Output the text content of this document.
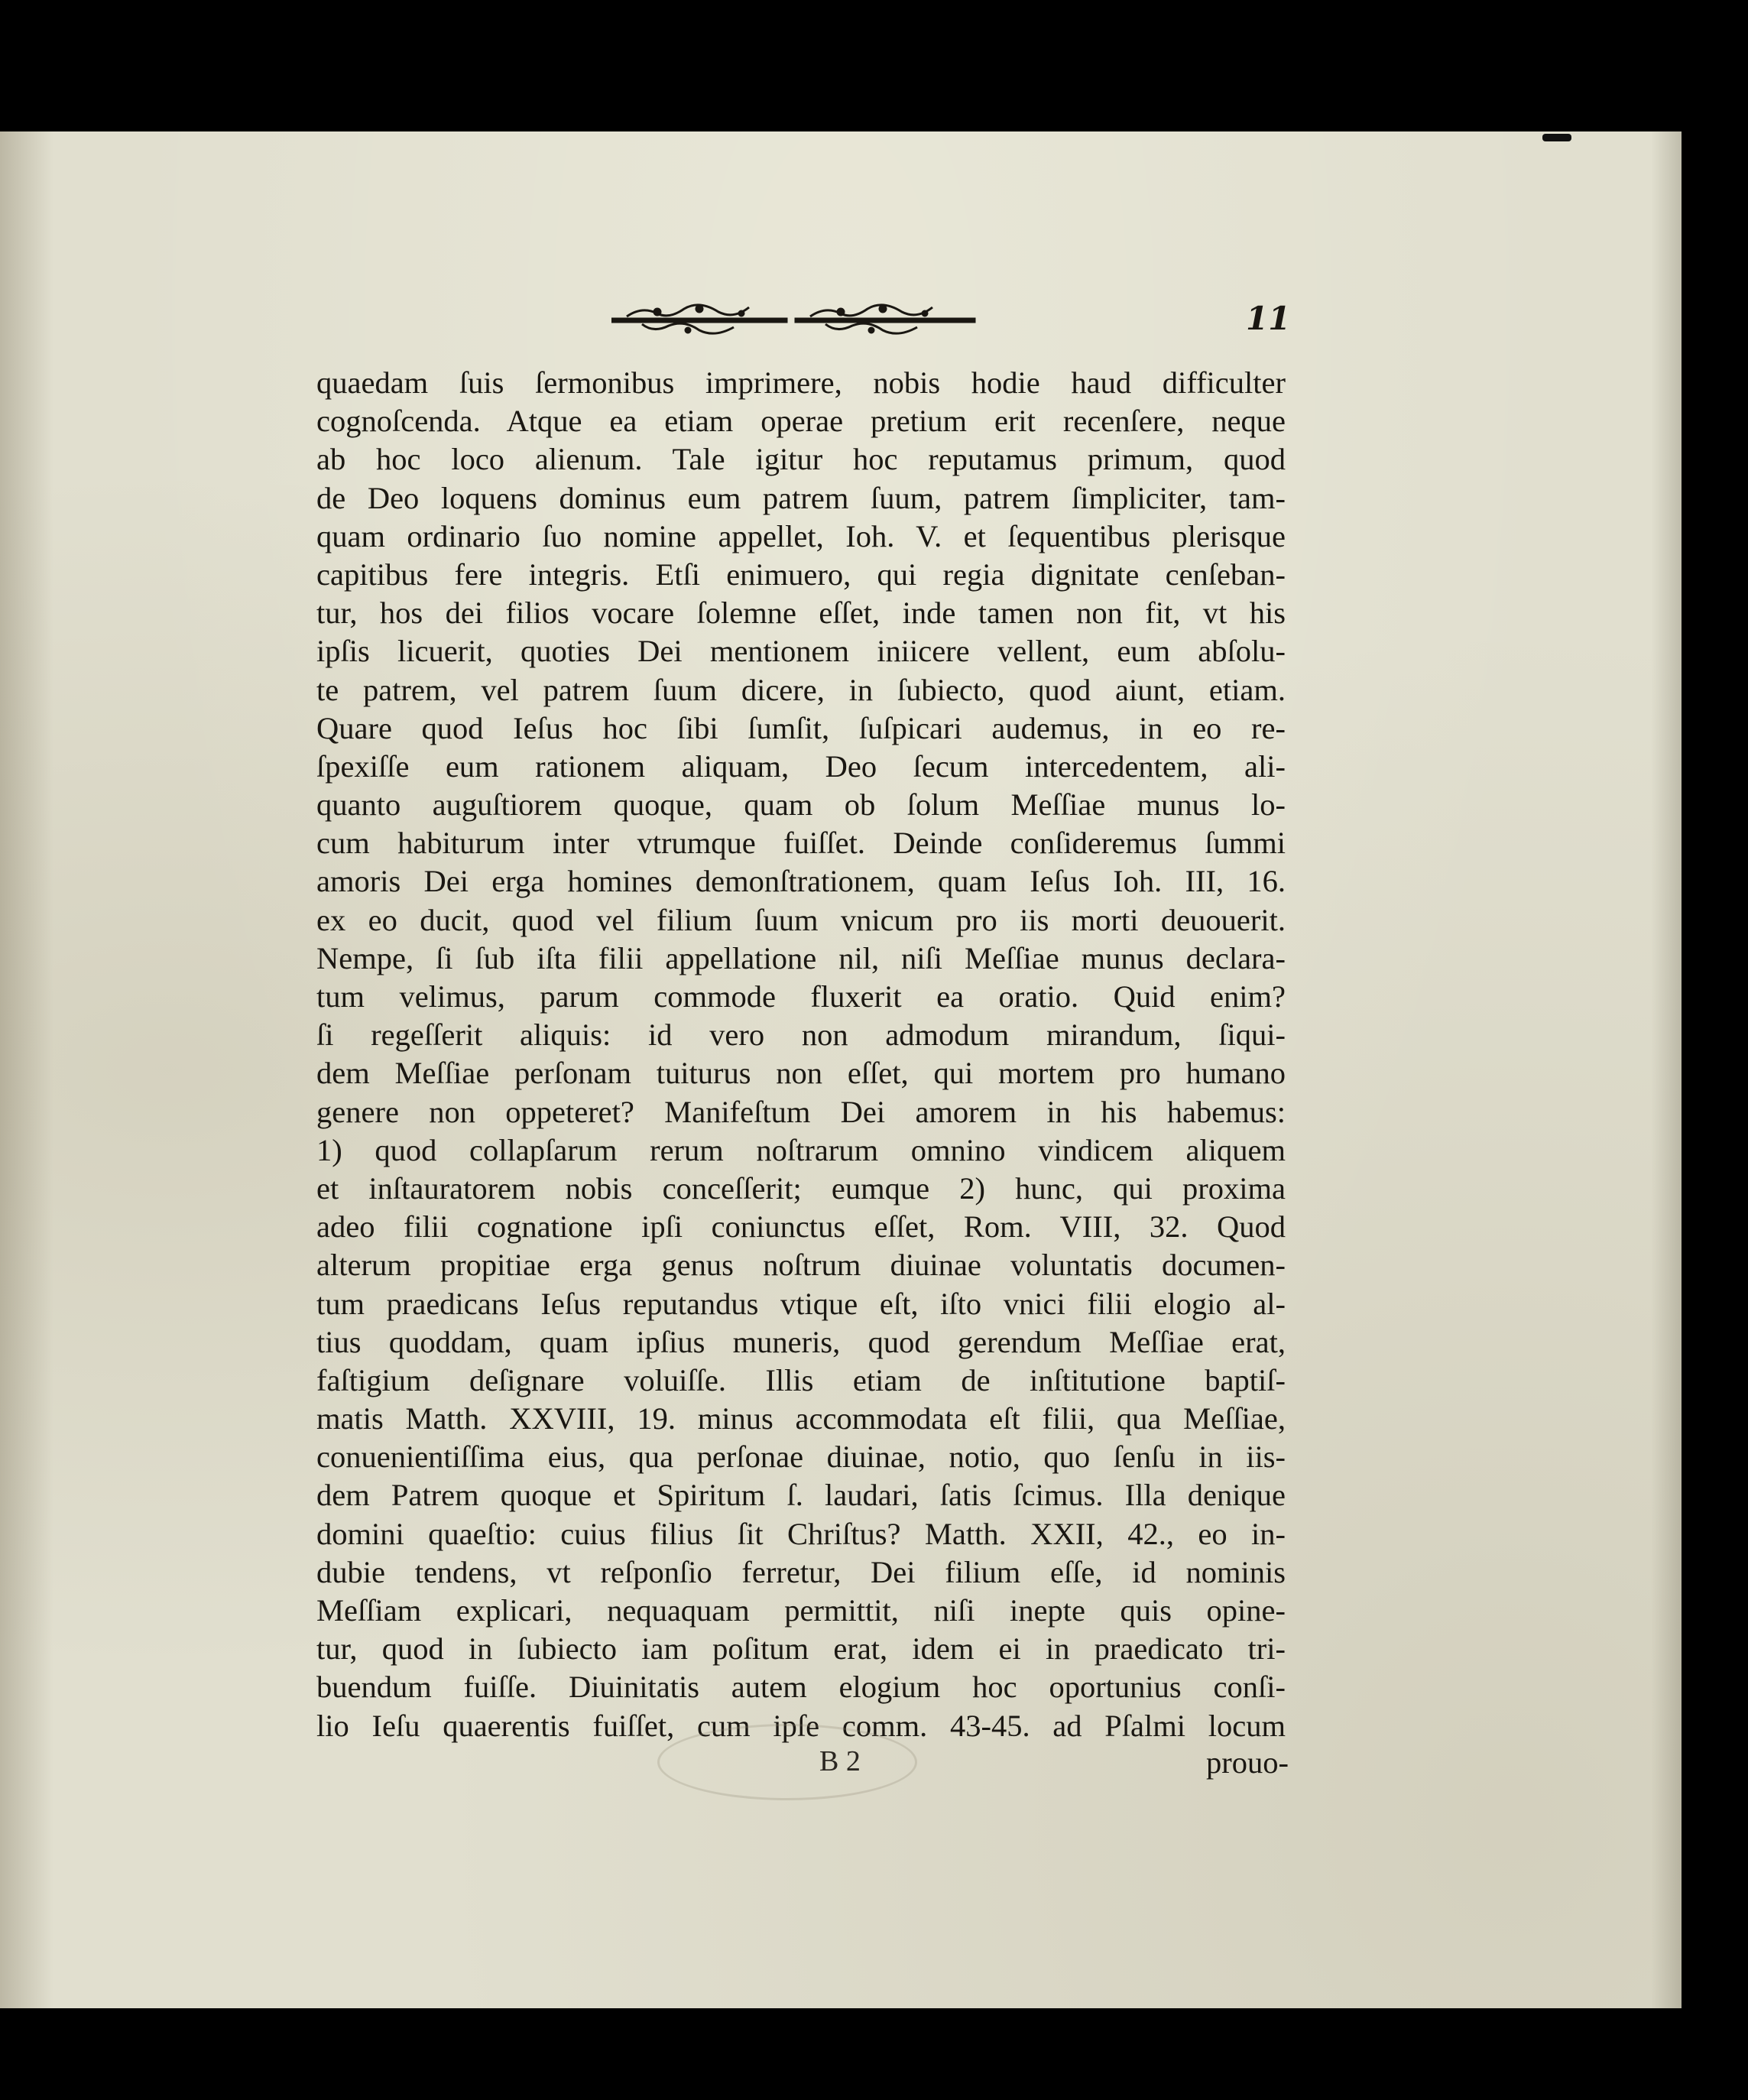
11
quaedam ſuis ſermonibus imprimere, nobis hodie haud difficulter
cognoſcenda. Atque ea etiam operae pretium erit recenſere, neque
ab hoc loco alienum. Tale igitur hoc reputamus primum, quod
de Deo loquens dominus eum patrem ſuum, patrem ſimpliciter, tam-
quam ordinario ſuo nomine appellet, Ioh. V. et ſequentibus plerisque
capitibus fere integris. Etſi enimuero, qui regia dignitate cenſeban-
tur, hos dei filios vocare ſolemne eſſet, inde tamen non fit, vt his
ipſis licuerit, quoties Dei mentionem iniicere vellent, eum abſolu-
te patrem, vel patrem ſuum dicere, in ſubiecto, quod aiunt, etiam.
Quare quod Ieſus hoc ſibi ſumſit, ſuſpicari audemus, in eo re-
ſpexiſſe eum rationem aliquam, Deo ſecum intercedentem, ali-
quanto auguſtiorem quoque, quam ob ſolum Meſſiae munus lo-
cum habiturum inter vtrumque fuiſſet. Deinde conſideremus ſummi
amoris Dei erga homines demonſtrationem, quam Ieſus Ioh. III, 16.
ex eo ducit, quod vel filium ſuum vnicum pro iis morti deuouerit.
Nempe, ſi ſub iſta filii appellatione nil, niſi Meſſiae munus declara-
tum velimus, parum commode fluxerit ea oratio. Quid enim?
ſi regeſſerit aliquis: id vero non admodum mirandum, ſiqui-
dem Meſſiae perſonam tuiturus non eſſet, qui mortem pro humano
genere non oppeteret? Manifeſtum Dei amorem in his habemus:
1) quod collapſarum rerum noſtrarum omnino vindicem aliquem
et inſtauratorem nobis conceſſerit; eumque 2) hunc, qui proxima
adeo filii cognatione ipſi coniunctus eſſet, Rom. VIII, 32. Quod
alterum propitiae erga genus noſtrum diuinae voluntatis documen-
tum praedicans Ieſus reputandus vtique eſt, iſto vnici filii elogio al-
tius quoddam, quam ipſius muneris, quod gerendum Meſſiae erat,
faſtigium deſignare voluiſſe. Illis etiam de inſtitutione baptiſ-
matis Matth. XXVIII, 19. minus accommodata eſt filii, qua Meſſiae,
conuenientiſſima eius, qua perſonae diuinae, notio, quo ſenſu in iis-
dem Patrem quoque et Spiritum ſ. laudari, ſatis ſcimus. Illa denique
domini quaeſtio: cuius filius ſit Chriſtus? Matth. XXII, 42., eo in-
dubie tendens, vt reſponſio ferretur, Dei filium eſſe, id nominis
Meſſiam explicari, nequaquam permittit, niſi inepte quis opine-
tur, quod in ſubiecto iam poſitum erat, idem ei in praedicato tri-
buendum fuiſſe. Diuinitatis autem elogium hoc oportunius conſi-
lio Ieſu quaerentis fuiſſet, cum ipſe comm. 43-45. ad Pſalmi locum
B 2	prouo-
